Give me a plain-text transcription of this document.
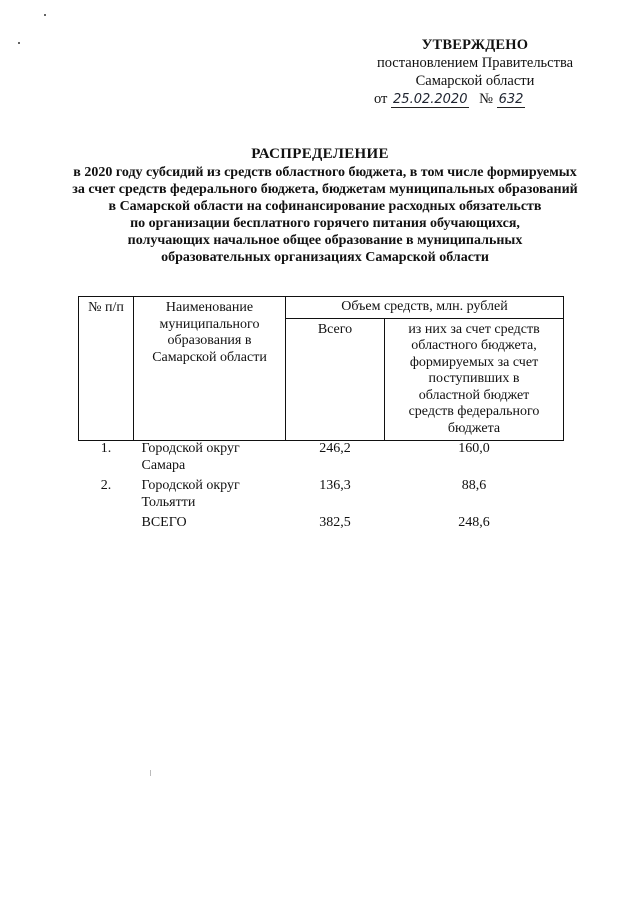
УТВЕРЖДЕНО
постановлением Правительства
Самарской области
от 25.02.2020 № 632
РАСПРЕДЕЛЕНИЕ
в 2020 году субсидий из средств областного бюджета, в том числе формируемых
за счет средств федерального бюджета, бюджетам муниципальных образований
в Самарской области на софинансирование расходных обязательств
по организации бесплатного горячего питания обучающихся,
получающих начальное общее образование в муниципальных
образовательных организациях Самарской области
№ п/п	Наименование муниципального образования в Самарской области	Объем средств, млн. рублей	
		Всего	из них за счет средств областного бюджета, формируемых за счет поступивших в областной бюджет средств федерального бюджета
1.	Городской округ Самара	246,2	160,0
2.	Городской округ Тольятти	136,3	88,6
	ВСЕГО	382,5	248,6
